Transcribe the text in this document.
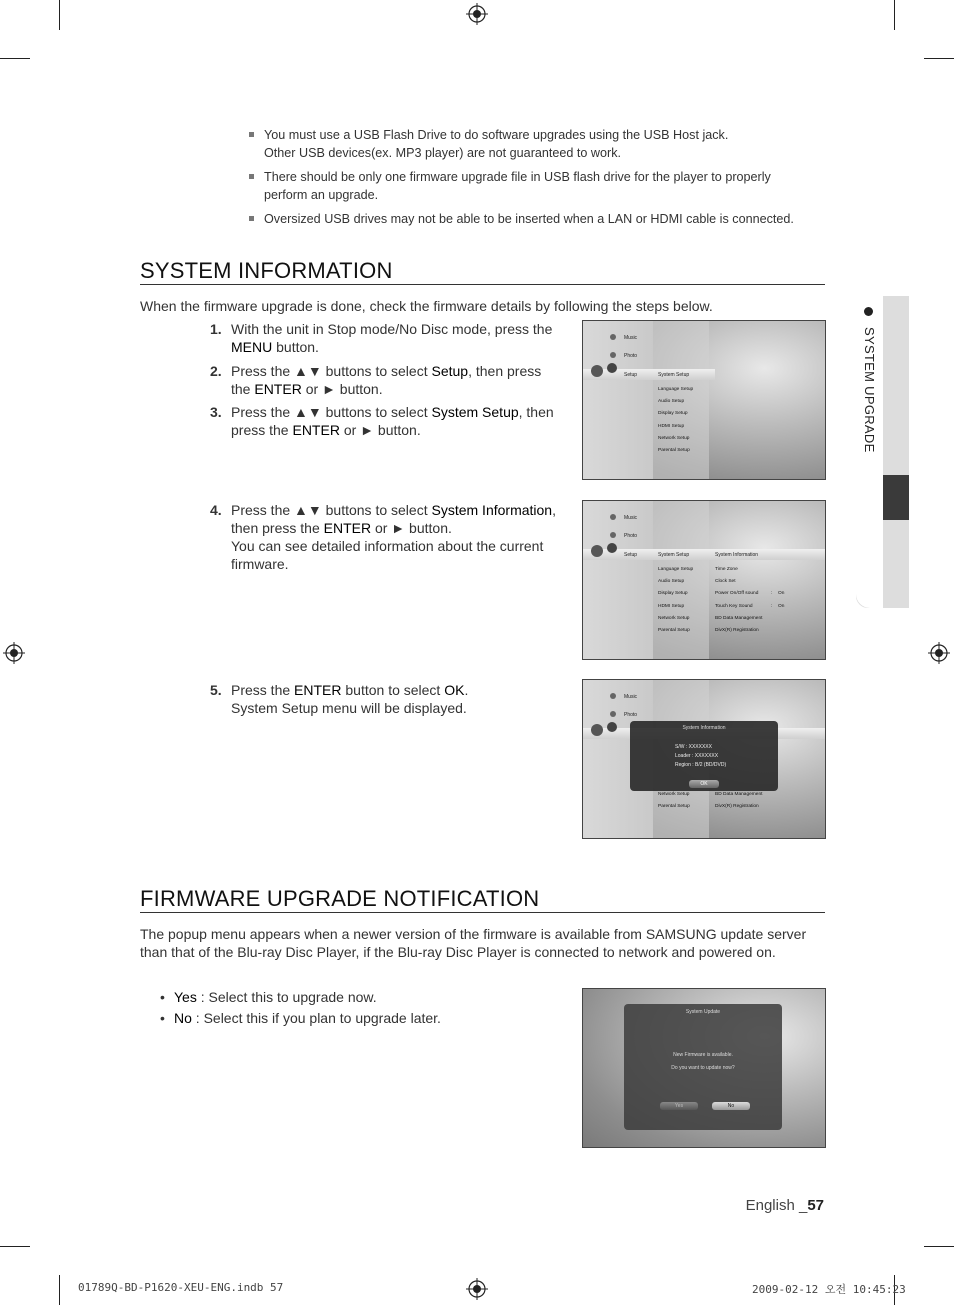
You must use a USB Flash Drive to do software upgrades using the USB Host jack.
Other USB devices(ex. MP3 player) are not guaranteed to work.
There should be only one firmware upgrade file in USB flash drive for the player to properly perform an upgrade.
Oversized USB drives may not be able to be inserted when a LAN or HDMI cable is connected.
SYSTEM INFORMATION
When the firmware upgrade is done, check the firmware details by following the steps below.
1. With the unit in Stop mode/No Disc mode, press the MENU button.
2. Press the ▲▼ buttons to select Setup, then press the ENTER or ► button.
3. Press the ▲▼ buttons to select System Setup, then press the ENTER or ► button.
4. Press the ▲▼ buttons to select System Information, then press the ENTER or ► button.
You can see detailed information about the current firmware.
5. Press the ENTER button to select OK.
System Setup menu will be displayed.
Music
Photo
Setup	System Setup
Language Setup
Audio Setup
Display Setup
HDMI Setup
Network Setup
Parental Setup
Music
Photo
Setup	System Setup	System Information
Language Setup
Audio Setup
Display Setup
HDMI Setup
Network Setup
Parental Setup
Time Zone
Clock Set
Power On/Off sound	: On
Touch Key Sound	: On
BD Data Management
DivX(R) Registration
Music
Photo
Network Setup
Parental Setup
BD Data Management
DivX(R) Registration
System Information
S/W : XXXXXXX
Loader : XXXXXXX
Region : B/2 (BD/DVD)
OK
FIRMWARE UPGRADE NOTIFICATION
The popup menu appears when a newer version of the firmware is available from SAMSUNG update server than that of the Blu-ray Disc Player, if the Blu-ray Disc Player is connected to network and powered on.
• Yes : Select this to upgrade now.
• No : Select this if you plan to upgrade later.	System Update
New Firmware is available.
Do you want to update now?
Yes	No
SYSTEM UPGRADE
English _57
01789Q-BD-P1620-XEU-ENG.indb 57	2009-02-12 오전 10:45:23
